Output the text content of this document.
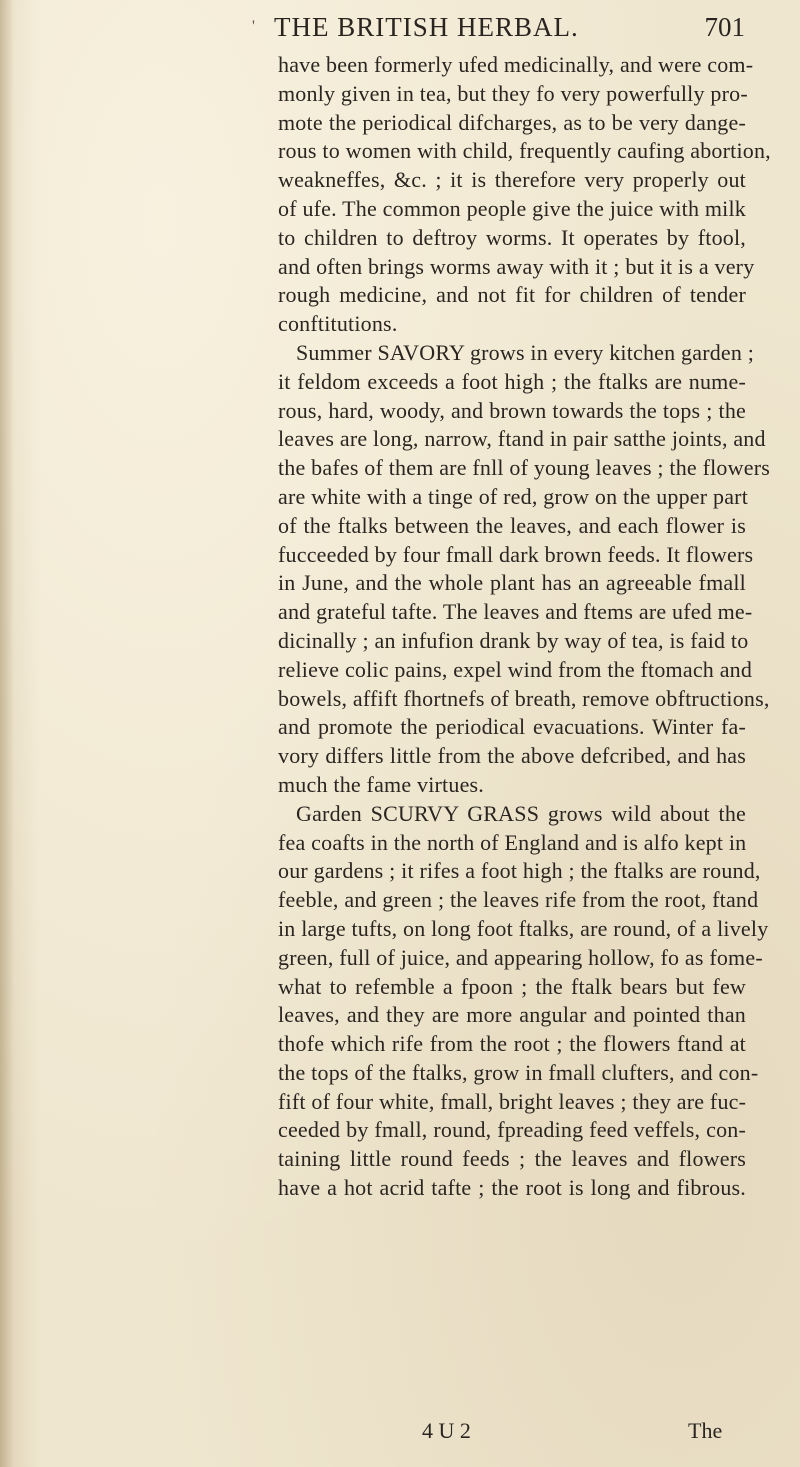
' THE BRITISH HERBAL.	701
have been formerly ufed medicinally, and were com-
monly given in tea, but they fo very powerfully pro-
mote the periodical difcharges, as to be very dange-
rous to women with child, frequently caufing abortion,
weakneffes, &c. ; it is therefore very properly out
of ufe. The common people give the juice with milk
to children to deftroy worms. It operates by ftool,
and often brings worms away with it ; but it is a very
rough medicine, and not fit for children of tender
conftitutions.
Summer SAVORY grows in every kitchen garden ;
it feldom exceeds a foot high ; the ftalks are nume-
rous, hard, woody, and brown towards the tops ; the
leaves are long, narrow, ftand in pair satthe joints, and
the bafes of them are fnll of young leaves ; the flowers
are white with a tinge of red, grow on the upper part
of the ftalks between the leaves, and each flower is
fucceeded by four fmall dark brown feeds. It flowers
in June, and the whole plant has an agreeable fmall
and grateful tafte. The leaves and ftems are ufed me-
dicinally ; an infufion drank by way of tea, is faid to
relieve colic pains, expel wind from the ftomach and
bowels, affift fhortnefs of breath, remove obftructions,
and promote the periodical evacuations. Winter fa-
vory differs little from the above defcribed, and has
much the fame virtues.
Garden SCURVY GRASS grows wild about the
fea coafts in the north of England and is alfo kept in
our gardens ; it rifes a foot high ; the ftalks are round,
feeble, and green ; the leaves rife from the root, ftand
in large tufts, on long foot ftalks, are round, of a lively
green, full of juice, and appearing hollow, fo as fome-
what to refemble a fpoon ; the ftalk bears but few
leaves, and they are more angular and pointed than
thofe which rife from the root ; the flowers ftand at
the tops of the ftalks, grow in fmall clufters, and con-
fift of four white, fmall, bright leaves ; they are fuc-
ceeded by fmall, round, fpreading feed veffels, con-
taining little round feeds ; the leaves and flowers
have a hot acrid tafte ; the root is long and fibrous.
4 U 2	The
